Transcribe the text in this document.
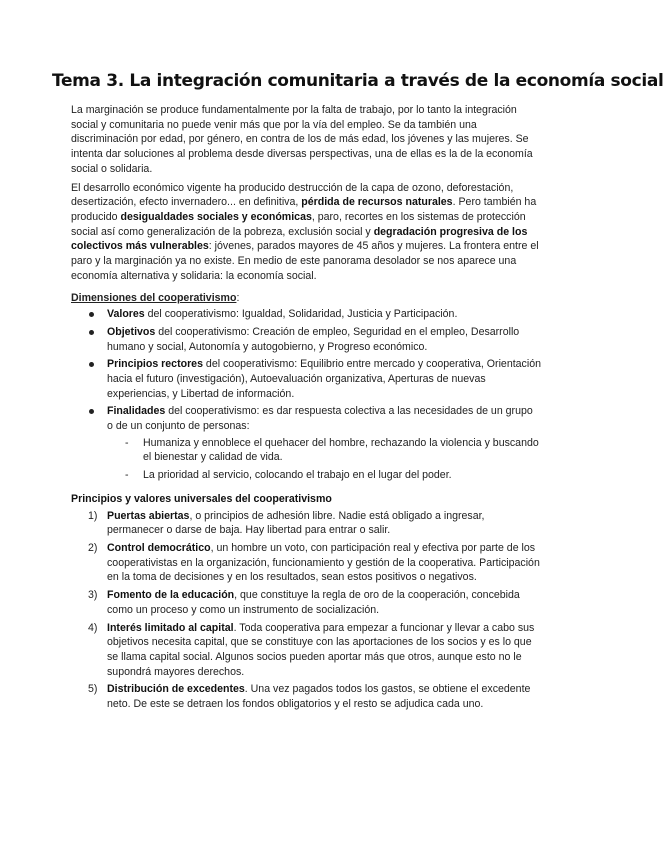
Tema 3. La integración comunitaria a través de la economía social

La marginación se produce fundamentalmente por la falta de trabajo, por lo tanto la integración social y comunitaria no puede venir más que por la vía del empleo. Se da también una discriminación por edad, por género, en contra de los de más edad, los jóvenes y las mujeres. Se intenta dar soluciones al problema desde diversas perspectivas, una de ellas es la de la economía social o solidaria.

El desarrollo económico vigente ha producido destrucción de la capa de ozono, deforestación, desertización, efecto invernadero... en definitiva, pérdida de recursos naturales. Pero también ha producido desigualdades sociales y económicas, paro, recortes en los sistemas de protección social así como generalización de la pobreza, exclusión social y degradación progresiva de los colectivos más vulnerables: jóvenes, parados mayores de 45 años y mujeres. La frontera entre el paro y la marginación ya no existe. En medio de este panorama desolador se nos aparece una economía alternativa y solidaria: la economía social.

Dimensiones del cooperativismo:

Valores del cooperativismo: Igualdad, Solidaridad, Justicia y Participación.
Objetivos del cooperativismo: Creación de empleo, Seguridad en el empleo, Desarrollo humano y social, Autonomía y autogobierno, y Progreso económico.
Principios rectores del cooperativismo: Equilibrio entre mercado y cooperativa, Orientación hacia el futuro (investigación), Autoevaluación organizativa, Aperturas de nuevas experiencias, y Libertad de información.
Finalidades del cooperativismo: es dar respuesta colectiva a las necesidades de un grupo o de un conjunto de personas:
- Humaniza y ennoblece el quehacer del hombre, rechazando la violencia y buscando el bienestar y calidad de vida.
- La prioridad al servicio, colocando el trabajo en el lugar del poder.

Principios y valores universales del cooperativismo

1) Puertas abiertas, o principios de adhesión libre. Nadie está obligado a ingresar, permanecer o darse de baja. Hay libertad para entrar o salir.
2) Control democrático, un hombre un voto, con participación real y efectiva por parte de los cooperativistas en la organización, funcionamiento y gestión de la cooperativa. Participación en la toma de decisiones y en los resultados, sean estos positivos o negativos.
3) Fomento de la educación, que constituye la regla de oro de la cooperación, concebida como un proceso y como un instrumento de socialización.
4) Interés limitado al capital. Toda cooperativa para empezar a funcionar y llevar a cabo sus objetivos necesita capital, que se constituye con las aportaciones de los socios y es lo que se llama capital social. Algunos socios pueden aportar más que otros, aunque esto no le supondrá mayores derechos.
5) Distribución de excedentes. Una vez pagados todos los gastos, se obtiene el excedente neto. De este se detraen los fondos obligatorios y el resto se adjudica cada uno.
